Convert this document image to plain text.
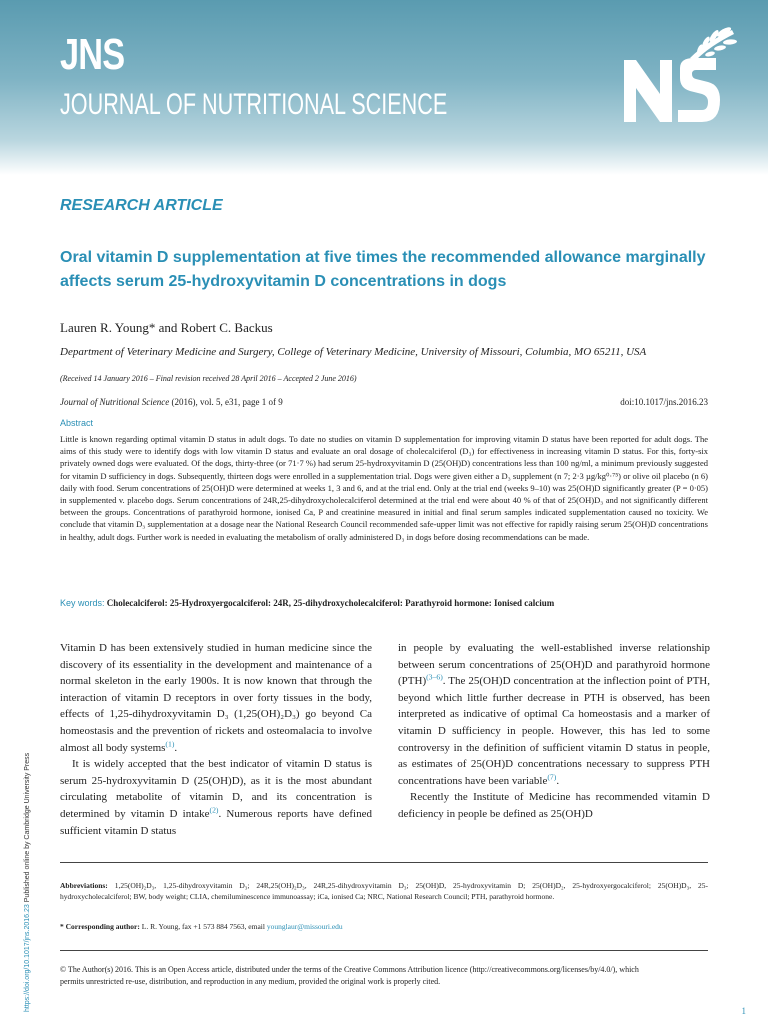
JNS
JOURNAL OF NUTRITIONAL SCIENCE
RESEARCH ARTICLE
Oral vitamin D supplementation at five times the recommended allowance marginally affects serum 25-hydroxyvitamin D concentrations in dogs
Lauren R. Young* and Robert C. Backus
Department of Veterinary Medicine and Surgery, College of Veterinary Medicine, University of Missouri, Columbia, MO 65211, USA
(Received 14 January 2016 – Final revision received 28 April 2016 – Accepted 2 June 2016)
Journal of Nutritional Science (2016), vol. 5, e31, page 1 of 9	doi:10.1017/jns.2016.23
Abstract
Little is known regarding optimal vitamin D status in adult dogs. To date no studies on vitamin D supplementation for improving vitamin D status have been reported for adult dogs. The aims of this study were to identify dogs with low vitamin D status and evaluate an oral dosage of cholecalciferol (D₃) for effectiveness in increasing vitamin D status. For this, forty-six privately owned dogs were evaluated. Of the dogs, thirty-three (or 71·7 %) had serum 25-hydroxyvitamin D (25(OH)D) concentrations less than 100 ng/ml, a minimum previously suggested for vitamin D sufficiency in dogs. Subsequently, thirteen dogs were enrolled in a supplementation trial. Dogs were given either a D₃ supplement (n 7; 2·3 µg/kg⁰·⁷⁵) or olive oil placebo (n 6) daily with food. Serum concentrations of 25(OH)D were determined at weeks 1, 3 and 6, and at the trial end. Only at the trial end (weeks 9–10) was 25(OH)D significantly greater (P = 0·05) in supplemented v. placebo dogs. Serum concentrations of 24R,25-dihydroxycholecalciferol determined at the trial end were about 40 % of that of 25(OH)D₃ and not significantly different between the groups. Concentrations of parathyroid hormone, ionised Ca, P and creatinine measured in initial and final serum samples indicated supplementation caused no toxicity. We conclude that vitamin D₃ supplementation at a dosage near the National Research Council recommended safe-upper limit was not effective for rapidly raising serum 25(OH)D concentrations in healthy, adult dogs. Further work is needed in evaluating the metabolism of orally administered D₃ in dogs before dosing recommendations can be made.
Key words: Cholecalciferol: 25-Hydroxyergocalciferol: 24R, 25-dihydroxycholecalciferol: Parathyroid hormone: Ionised calcium

Vitamin D has been extensively studied in human medicine since the discovery of its essentiality in the development and maintenance of a normal skeleton in the early 1900s. It is now known that through the interaction of vitamin D receptors in over forty tissues in the body, effects of 1,25-dihydroxyvitamin D₃ (1,25(OH)₂D₃) go beyond Ca homeostasis and the prevention of rickets and osteomalacia to involve almost all body systems$^{(1)}$.

It is widely accepted that the best indicator of vitamin D status is serum 25-hydroxyvitamin D (25(OH)D), as it is the most abundant circulating metabolite of vitamin D, and its concentration is determined by vitamin D intake$^{(2)}$. Numerous reports have defined sufficient vitamin D status

in people by evaluating the well-established inverse relationship between serum concentrations of 25(OH)D and parathyroid hormone (PTH)$^{(3-6)}$. The 25(OH)D concentration at the inflection point of PTH, beyond which little further decrease in PTH is observed, has been interpreted as indicative of optimal Ca homeostasis and a marker of vitamin D sufficiency in people. However, this has led to some controversy in the definition of sufficient vitamin D status in people, as estimates of 25(OH)D concentrations necessary to suppress PTH concentrations have been variable$^{(7)}$.

Recently the Institute of Medicine has recommended vitamin D deficiency in people be defined as 25(OH)D

Abbreviations: 1,25(OH)₂D₃, 1,25-dihydroxyvitamin D₃; 24R,25(OH)₂D₃, 24R,25-dihydroxyvitamin D₃; 25(OH)D, 25-hydroxyvitamin D; 25(OH)D₂, 25-hydroxyergocalciferol; 25(OH)D₃, 25-hydroxycholecalciferol; BW, body weight; CLIA, chemiluminescence immunoassay; iCa, ionised Ca; NRC, National Research Council; PTH, parathyroid hormone.
* Corresponding author: L. R. Young, fax +1 573 884 7563, email younglaur@missouri.edu
© The Author(s) 2016. This is an Open Access article, distributed under the terms of the Creative Commons Attribution licence (http://creativecommons.org/licenses/by/4.0/), which permits unrestricted re-use, distribution, and reproduction in any medium, provided the original work is properly cited.
1
https://doi.org/10.1017/jns.2016.23 Published online by Cambridge University Press
